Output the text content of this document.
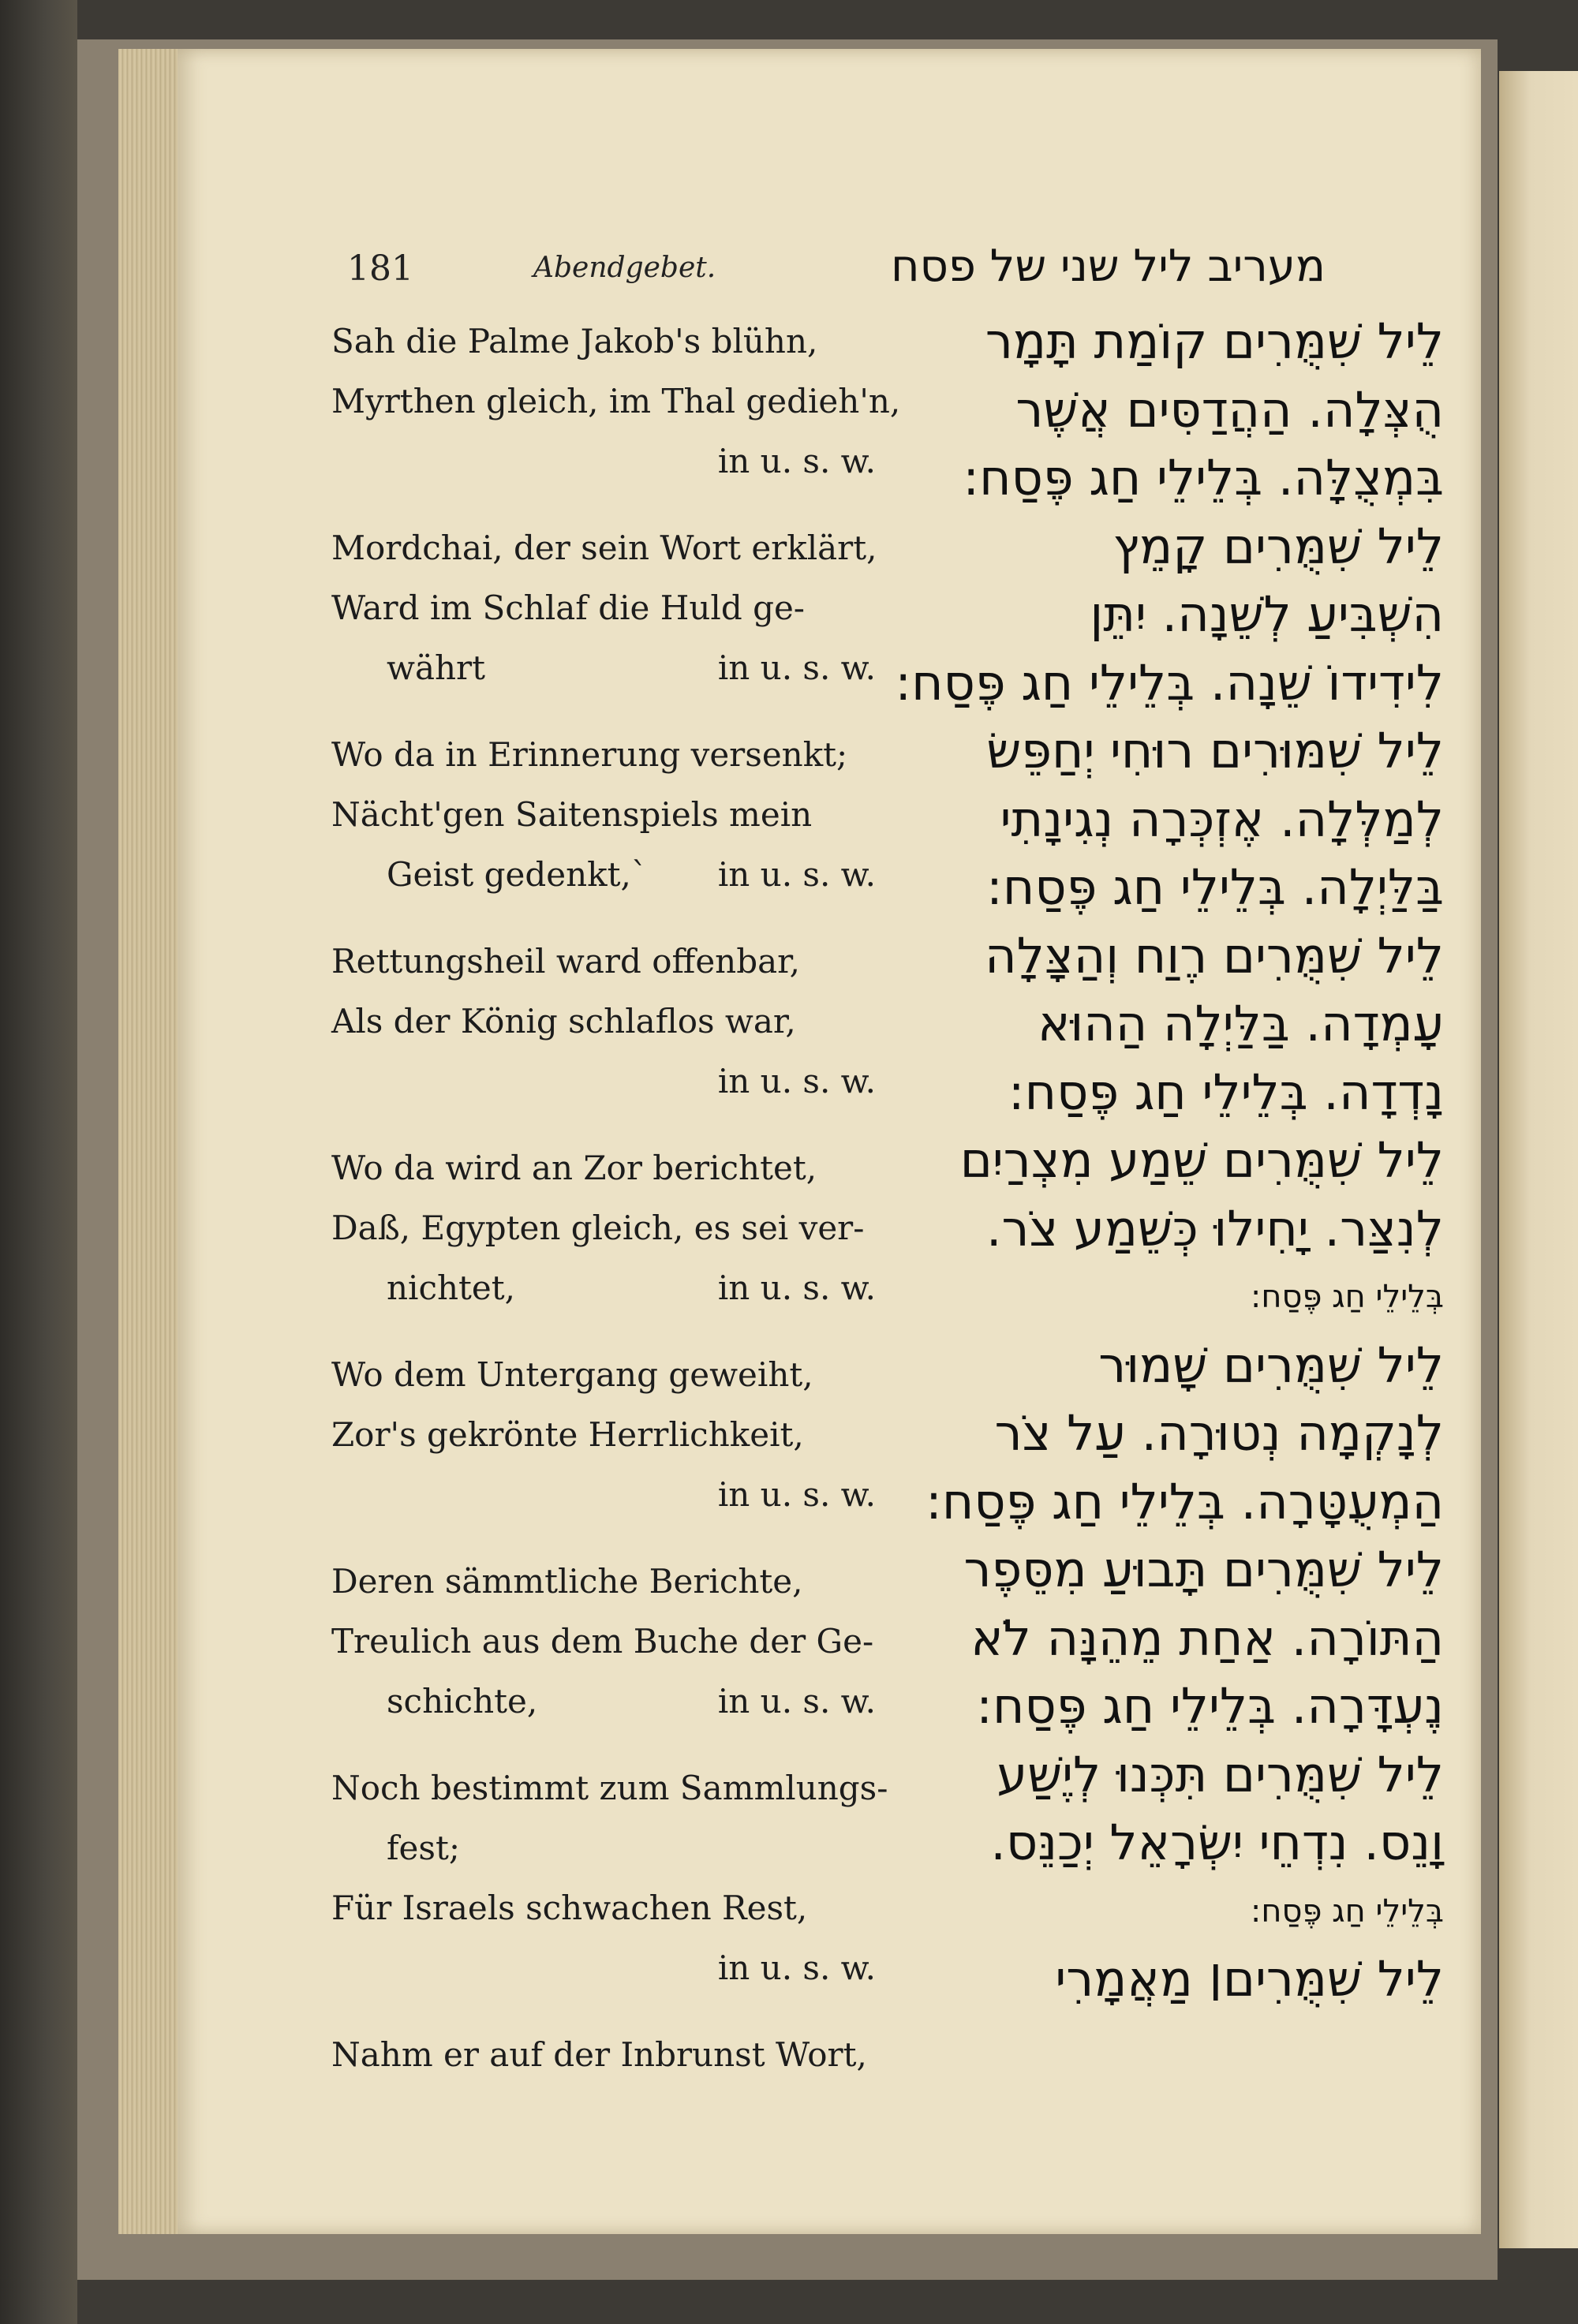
181	Abendgebet.	מעריב ליל שני של פסח
Sah die Palme Jakob's blühn,
Myrthen gleich, im Thal gedieh'n,
in u. s. w.
Mordchai, der sein Wort erklärt,
Ward im Schlaf die Huld ge-
währt	in u. s. w.
Wo da in Erinnerung versenkt;
Nächt'gen Saitenspiels mein
Geist gedenkt,` in u. s. w.
Rettungsheil ward offenbar,
Als der König schlaflos war,
in u. s. w.
Wo da wird an Zor berichtet,
Daß, Egypten gleich, es sei ver-
nichtet,	in u. s. w.
Wo dem Untergang geweiht,
Zor's gekrönte Herrlichkeit,
in u. s. w.
Deren sämmtliche Berichte,
Treulich aus dem Buche der Ge-
schichte,	in u. s. w.
Noch bestimmt zum Sammlungs-
fest;
Für Israels schwachen Rest,
in u. s. w.
Nahm er auf der Inbrunst Wort,
לֵיל שִׁמֻּרִים קוֹמַת תָּמָר
הֻצְּלָה. הַהֲדַסִּים אֲשֶׁר
בִּמְצֻלָּה. בְּלֵילֵי חַג פֶּסַח:
לֵיל שִׁמֻּרִים קָמֵץ
הִשְׁבִּיעַ לְשֵׁנָה. יִתֵּן
לִידִידוֹ שֵׁנָה. בְּלֵילֵי חַג פֶּסַח:
לֵיל שִׁמּוּרִים רוּחִי יְחַפֵּשׂ
לְמַלְּלָה. אֶזְכְּרָה נְגִינָתִי
בַּלַּיְלָה. בְּלֵילֵי חַג פֶּסַח:
לֵיל שִׁמֻּרִים רֶוַח וְהַצָּלָה
עָמְדָה. בַּלַּיְלָה הַהוּא
נָדְדָה. בְּלֵילֵי חַג פֶּסַח:
לֵיל שִׁמֻּרִים שֵׁמַע מִצְרַיִם
לְנִצַּר. יָחִילוּ כְּשֵׁמַע צֹר.
בְּלֵילֵי חַג פֶּסַח:
לֵיל שִׁמֻּרִים שָׁמוּר
לְנָקְמָה נְטוּרָה. עַל צֹר
הַמְעֻטָּרָה. בְּלֵילֵי חַג פֶּסַח:
לֵיל שִׁמֻּרִים תָּבוּעַ מִסֵּפֶר
הַתּוֹרָה. אַחַת מֵהֵנָּה לֹא
נֶעְדָּרָה. בְּלֵילֵי חַג פֶּסַח:
לֵיל שִׁמֻּרִים תִּכְּנוּ לְיֶשַׁע
וָנֵס. נִדְחֵי יִשְׂרָאֵל יְכַנֵּס.
בְּלֵילֵי חַג פֶּסַח:
לֵיל שִׁמֻּרִים׀ מַאֲמָרִי
